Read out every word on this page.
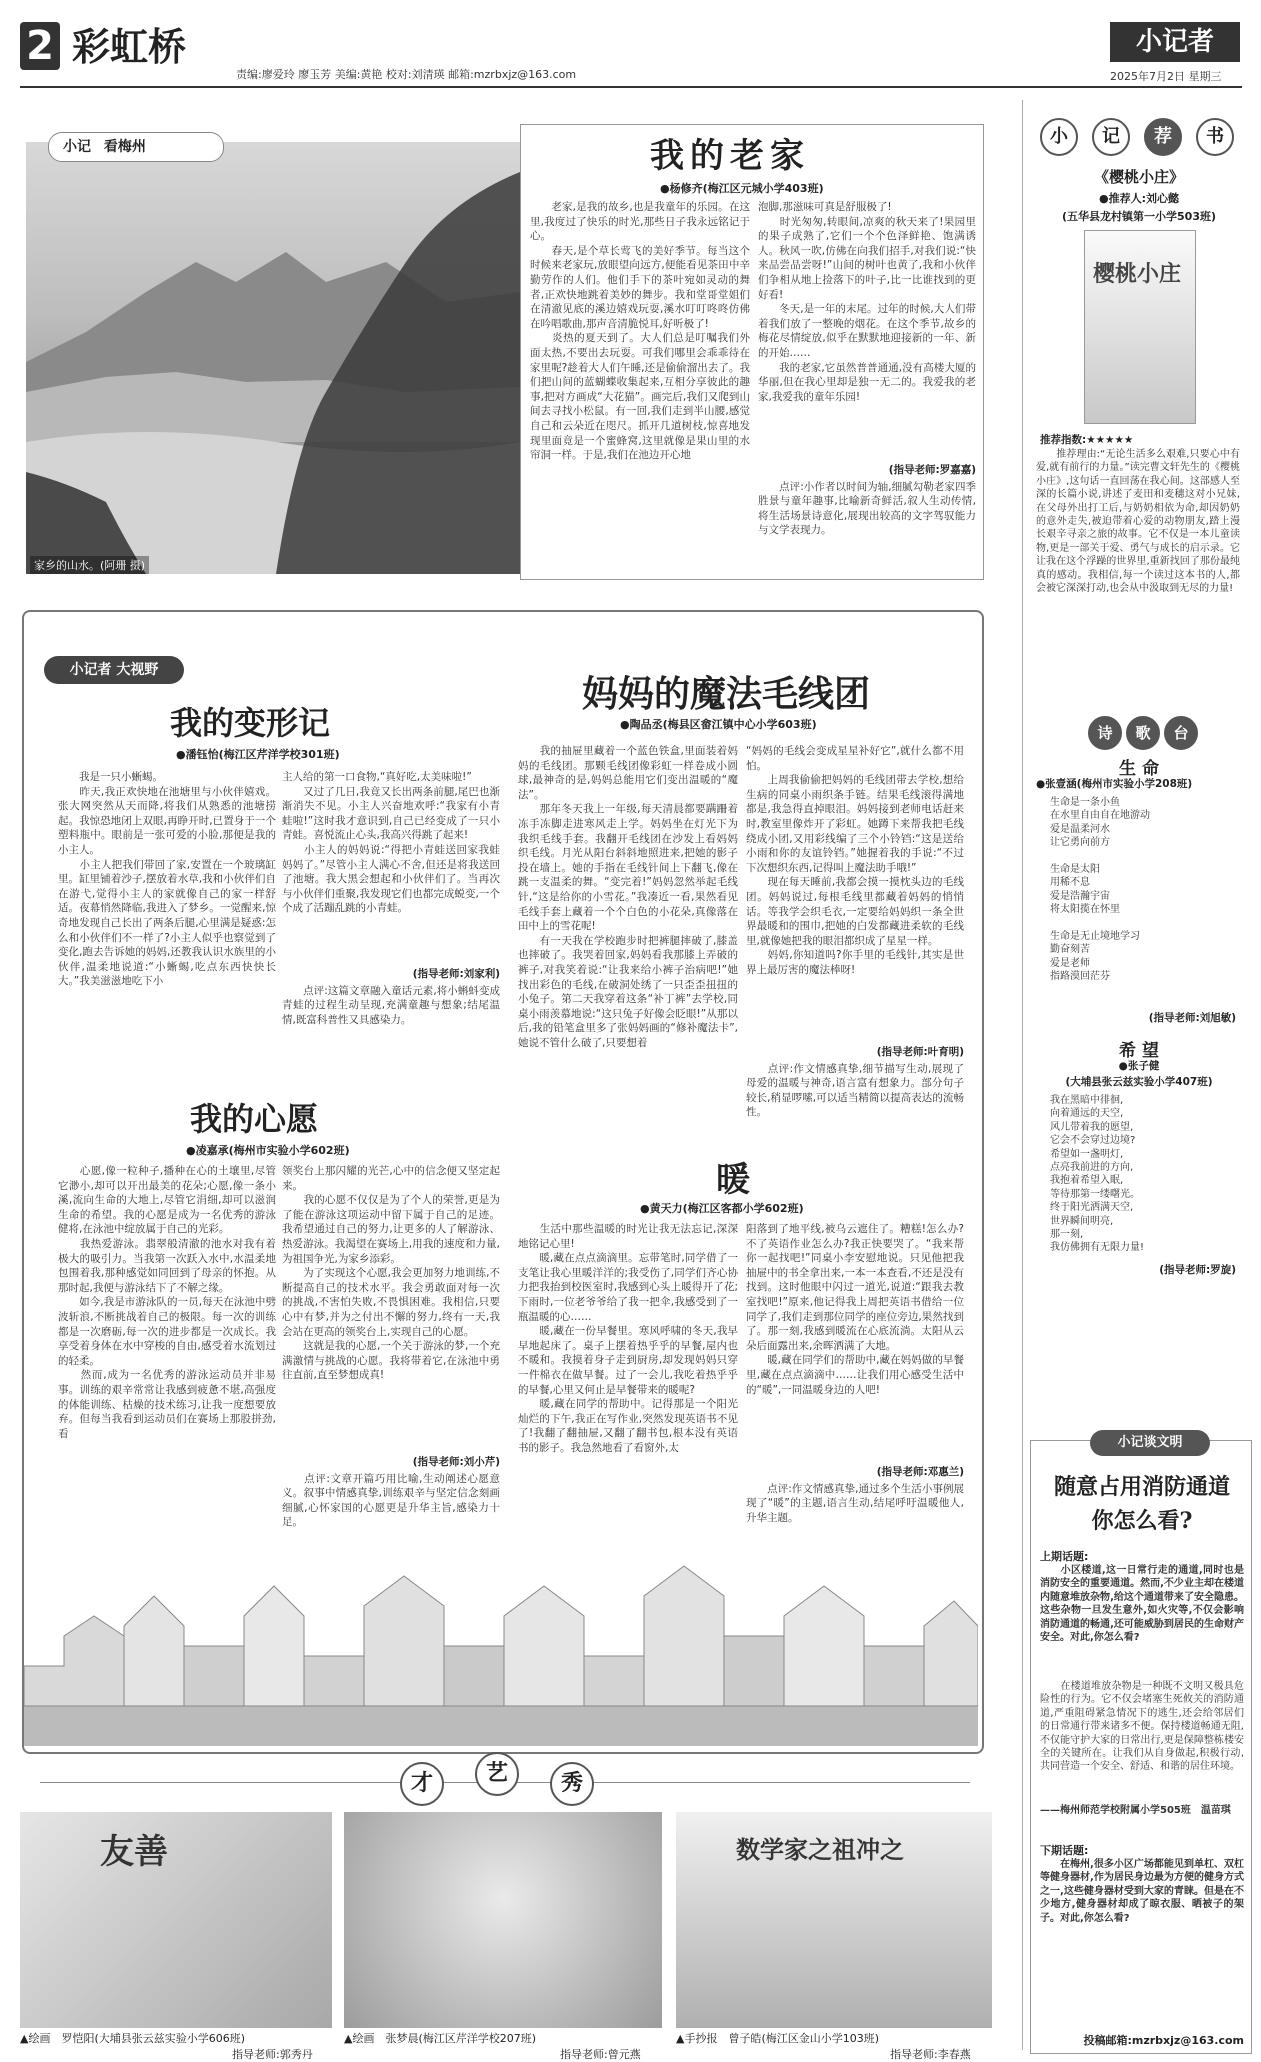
2 彩虹桥
责编:廖爱玲 廖玉芳 美编:黄艳 校对:刘清瑛 邮箱:mzrbxjz@163.com
小记者
2025年7月2日 星期三
小记 看梅州
家乡的山水。(阿珊 摄)
我的老家
●杨修齐(梅江区元城小学403班)
　　老家,是我的故乡,也是我童年的乐园。在这里,我度过了快乐的时光,那些日子我永远铭记于心。
　　春天,是个草长莺飞的美好季节。每当这个时候来老家玩,放眼望向远方,便能看见茶田中辛勤劳作的人们。他们手下的茶叶宛如灵动的舞者,正欢快地跳着美妙的舞步。我和堂哥堂姐们在清澈见底的溪边嬉戏玩耍,溪水叮叮咚咚仿佛在吟唱歌曲,那声音清脆悦耳,好听极了!
　　炎热的夏天到了。大人们总是叮嘱我们外面太热,不要出去玩耍。可我们哪里会乖乖待在家里呢?趁着大人们午睡,还是偷偷溜出去了。我们把山间的蓝蝴蝶收集起来,互相分享彼此的趣事,把对方画成“大花猫”。画完后,我们又爬到山间去寻找小松鼠。有一回,我们走到半山腰,感觉自己和云朵近在咫尺。抓开几道树枝,惊喜地发现里面竟是一个蜜蜂窝,这里就像是果山里的水帘洞一样。于是,我们在池边开心地
泡脚,那滋味可真是舒服极了!
　　时光匆匆,转眼间,凉爽的秋天来了!果园里的果子成熟了,它们一个个色泽鲜艳、饱满诱人。秋风一吹,仿佛在向我们招手,对我们说:“快来品尝品尝呀!”山间的树叶也黄了,我和小伙伴们争相从地上捡落下的叶子,比一比谁找到的更好看!
　　冬天,是一年的末尾。过年的时候,大人们带着我们放了一整晚的烟花。在这个季节,故乡的梅花尽情绽放,似乎在默默地迎接新的一年、新的开始……
　　我的老家,它虽然普普通通,没有高楼大厦的华丽,但在我心里却是独一无二的。我爱我的老家,我爱我的童年乐园!
(指导老师:罗嘉嘉)
　　点评:小作者以时间为轴,细腻勾勒老家四季胜景与童年趣事,比喻新奇鲜活,叙人生动传情,将生活场景诗意化,展现出较高的文字驾驭能力与文学表现力。
小记者 大视野
我的变形记
●潘钰怡(梅江区芹洋学校301班)
　　我是一只小蜥蜴。
　　昨天,我正欢快地在池塘里与小伙伴嬉戏。张大网突然从天而降,将我们从熟悉的池塘捞起。我惊恐地闭上双眼,再睁开时,已置身于一个塑料瓶中。眼前是一张可爱的小脸,那便是我的小主人。
　　小主人把我们带回了家,安置在一个玻璃缸里。缸里铺着沙子,摆放着水草,我和小伙伴们自在游弋,觉得小主人的家就像自己的家一样舒适。夜幕悄然降临,我进入了梦乡。一觉醒来,惊奇地发现自己长出了两条后腿,心里满是疑惑:怎么和小伙伴们不一样了?小主人似乎也察觉到了变化,跑去告诉她的妈妈,还教我认识水族里的小伙伴,温柔地说道:“小蜥蜴,吃点东西快快长大。”我美滋滋地吃下小
主人给的第一口食物,“真好吃,太美味啦!”
　　又过了几日,我竟又长出两条前腿,尾巴也渐渐消失不见。小主人兴奋地欢呼:“我家有小青蛙啦!”这时我才意识到,自己已经变成了一只小青蛙。喜悦流止心头,我高兴得跳了起来!
　　小主人的妈妈说:“得把小青蛙送回家我蛙妈妈了。”尽管小主人满心不舍,但还是将我送回了池塘。我大黑会想起和小伙伴们了。当再次与小伙伴们重聚,我发现它们也都完成蜕变,一个个成了活蹦乱跳的小青蛙。
(指导老师:刘家利)
　　点评:这篇文章融入童话元素,将小蝌蚪变成青蛙的过程生动呈现,充满童趣与想象;结尾温情,既富科普性又具感染力。
我的心愿
●凌嘉承(梅州市实验小学602班)
　　心愿,像一粒种子,播种在心的土壤里,尽管它渺小,却可以开出最美的花朵;心愿,像一条小溪,流向生命的大地上,尽管它涓细,却可以滋润生命的希望。我的心愿是成为一名优秀的游泳健将,在泳池中绽放属于自己的光彩。
　　我热爱游泳。翡翠般清澈的池水对我有着极大的吸引力。当我第一次跃入水中,水温柔地包围着我,那种感觉如同回到了母亲的怀抱。从那时起,我便与游泳结下了不解之缘。
　　如今,我是市游泳队的一员,每天在泳池中劈波斩浪,不断挑战着自己的极限。每一次的训练都是一次磨砺,每一次的进步都是一次成长。我享受着身体在水中穿梭的自由,感受着水流划过的轻柔。
　　然而,成为一名优秀的游泳运动员并非易事。训练的艰辛常常让我感到疲惫不堪,高强度的体能训练、枯燥的技术练习,让我一度想要放弃。但每当我看到运动员们在赛场上那股拼劲,看
领奖台上那闪耀的光芒,心中的信念便又坚定起来。
　　我的心愿不仅仅是为了个人的荣誉,更是为了能在游泳这项运动中留下属于自己的足迹。我希望通过自己的努力,让更多的人了解游泳、热爱游泳。我渴望在赛场上,用我的速度和力量,为祖国争光,为家乡添彩。
　　为了实现这个心愿,我会更加努力地训练,不断提高自己的技术水平。我会勇敢面对每一次的挑战,不害怕失败,不畏惧困难。我相信,只要心中有梦,并为之付出不懈的努力,终有一天,我会站在更高的领奖台上,实现自己的心愿。
　　这就是我的心愿,一个关于游泳的梦,一个充满激情与挑战的心愿。我将带着它,在泳池中勇往直前,直至梦想成真!
(指导老师:刘小芹)
　　点评:文章开篇巧用比喻,生动阐述心愿意义。叙事中情感真挚,训练艰辛与坚定信念刻画细腻,心怀家国的心愿更是升华主旨,感染力十足。
妈妈的魔法毛线团
●陶品丞(梅县区畲江镇中心小学603班)
　　我的抽屉里藏着一个蓝色铁盒,里面装着妈妈的毛线团。那颗毛线团像彩虹一样卷成小圆球,最神奇的是,妈妈总能用它们变出温暖的“魔法”。
　　那年冬天我上一年级,每天清晨都要蹒跚着冻手冻脚走进寒风走上学。妈妈坐在灯光下为我织毛线手套。我翻开毛线团在沙发上看妈妈织毛线。月光从阳台斜斜地照进来,把她的影子投在墙上。她的手指在毛线针间上下翻飞,像在跳一支温柔的舞。“变完着!”妈妈忽然举起毛线针,“这是给你的小雪花。”我凑近一看,果然看见毛线手套上藏着一个个白色的小花朵,真像落在田中上的雪花呢!
　　有一天我在学校跑步时把裤腿摔破了,膝盖也摔破了。我哭着回家,妈妈看我那膝上弄破的裤子,对我笑着说:“让我来给小裤子治病吧!”她找出彩色的毛线,在破洞处绣了一只歪歪扭扭的小兔子。第二天我穿着这条“补丁裤”去学校,同桌小雨羡慕地说:“这只兔子好像会眨眼!”从那以后,我的铅笔盒里多了张妈妈画的“修补魔法卡”,她说不管什么破了,只要想着
“妈妈的毛线会变成星星补好它”,就什么都不用怕。
　　上周我偷偷把妈妈的毛线团带去学校,想给生病的同桌小雨织条手链。结果毛线滚得满地都是,我急得直掉眼泪。妈妈接到老师电话赶来时,教室里像炸开了彩虹。她蹲下来帮我把毛线绕成小团,又用彩线编了三个小铃铛:“这是送给小雨和你的友谊铃铛。”她握着我的手说:“不过下次想织东西,记得叫上魔法助手哦!”
　　现在每天睡前,我都会摸一摸枕头边的毛线团。妈妈说过,每根毛线里都藏着妈妈的悄悄话。等我学会织毛衣,一定要给妈妈织一条全世界最暖和的围巾,把她的白发都藏进柔软的毛线里,就像她把我的眼泪都织成了星星一样。
　　妈妈,你知道吗?你手里的毛线针,其实是世界上最厉害的魔法棒呀!
(指导老师:叶育明)
　　点评:作文情感真挚,细节描写生动,展现了母爱的温暖与神奇,语言富有想象力。部分句子较长,稍显啰嗦,可以适当精简以提高表达的流畅性。
暖
●黄天力(梅江区客都小学602班)
　　生活中那些温暖的时光让我无法忘记,深深地铭记心里!
　　暖,藏在点点滴滴里。忘带笔时,同学借了一支笔让我心里暖洋洋的;我受伤了,同学们齐心协力把我抬到校医室时,我感到心头上暖得开了花;下雨时,一位老爷爷给了我一把伞,我感受到了一瓶温暖的心……
　　暖,藏在一份早餐里。寒风呼啸的冬天,我早早地起床了。桌子上摆着热乎乎的早餐,屋内也不暖和。我摸着身子走到厨房,却发现妈妈只穿一件棉衣在做早餐。过了一会儿,我吃着热乎乎的早餐,心里又何止是早餐带来的暖呢?
　　暖,藏在同学的帮助中。记得那是一个阳光灿烂的下午,我正在写作业,突然发现英语书不见了!我翻了翻抽屉,又翻了翻书包,根本没有英语书的影子。我急然地看了看窗外,太
阳落到了地平线,被乌云遮住了。糟糕!怎么办?不了英语作业怎么办?我正快要哭了。“我来帮你一起找吧!”同桌小李安慰地说。只见他把我抽屉中的书全拿出来,一本一本查看,不还是没有找到。这时他眼中闪过一道光,说道:“跟我去教室找吧!”原来,他记得我上周把英语书借给一位同学了,我们走到那位同学的座位旁边,果然找到了。那一刻,我感到暖流在心底流淌。太阳从云朵后面露出来,余晖洒满了大地。
　　暖,藏在同学们的帮助中,藏在妈妈做的早餐里,藏在点点滴滴中……让我们用心感受生活中的“暖”,一同温暖身边的人吧!
(指导老师:邓惠兰)
　　点评:作文情感真挚,通过多个生活小事例展现了“暖”的主题,语言生动,结尾呼吁温暖他人,升华主题。
才	艺	秀
友善
▲绘画　罗恺阳(大埔县张云兹实验小学606班)
指导老师:郭秀丹
▲绘画　张梦晨(梅江区芹洋学校207班)
指导老师:曾元燕
数学家之祖冲之
▲手抄报　曾子皓(梅江区金山小学103班)
指导老师:李春燕
小	记	荐	书
《樱桃小庄》
●推荐人:刘心懿
(五华县龙村镇第一小学503班)
樱桃小庄
推荐指数:★★★★★
　　推荐理由:“无论生活多么艰难,只要心中有爱,就有前行的力量。”读完曹文轩先生的《樱桃小庄》,这句话一直回荡在我心间。这部感人至深的长篇小说,讲述了麦田和麦穗这对小兄妹,在父母外出打工后,与奶奶相依为命,却因奶奶的意外走失,被迫带着心爱的动物朋友,踏上漫长艰辛寻亲之旅的故事。它不仅是一本儿童读物,更是一部关于爱、勇气与成长的启示录。它让我在这个浮躁的世界里,重新找回了那份最纯真的感动。我相信,每一个读过这本书的人,都会被它深深打动,也会从中汲取到无尽的力量!
诗	歌	台
生 命
●张壹涵(梅州市实验小学208班)
生命是一条小鱼
在水里自由自在地游动
爱是温柔河水
让它勇向前方

生命是太阳
用稀不息
爱是浩瀚宇宙
将太阳揽在怀里

生命是无止境地学习
勤奋刻苦
爱是老师
指路漠回茫芬
(指导老师:刘旭敏)
希 望
●张子健
(大埔县张云兹实验小学407班)
我在黑暗中徘徊,
向着通远的天空,
风儿带着我的愿望,
它会不会穿过边境?
希望如一盏明灯,
点亮我前进的方向,
我抱着希望入眠,
等待那第一缕曙光。
终于阳光洒满天空,
世界瞬间明亮,
那一刻,
我仿佛拥有无限力量!
(指导老师:罗旋)
小记谈文明
随意占用消防通道
你怎么看?
上期话题:
　　小区楼道,这一日常行走的通道,同时也是消防安全的重要通道。然而,不少业主却在楼道内随意堆放杂物,给这个通道带来了安全隐患。这些杂物一旦发生意外,如火灾等,不仅会影响消防通道的畅通,还可能威胁到居民的生命财产安全。对此,你怎么看?
　　在楼道堆放杂物是一种既不文明又极具危险性的行为。它不仅会堵塞生死攸关的消防通道,严重阻碍紧急情况下的逃生,还会给邻居们的日常通行带来诸多不便。保持楼道畅通无阻,不仅能守护大家的日常出行,更是保障整栋楼安全的关键所在。让我们从自身做起,积极行动,共同营造一个安全、舒适、和谐的居住环境。
——梅州师范学校附属小学505班　温苗琪
下期话题:
　　在梅州,很多小区广场都能见到单杠、双杠等健身器材,作为居民身边最为方便的健身方式之一,这些健身器材受到大家的青睐。但是在不少地方,健身器材却成了晾衣服、晒被子的架子。对此,你怎么看?
投稿邮箱:mzrbxjz@163.com
